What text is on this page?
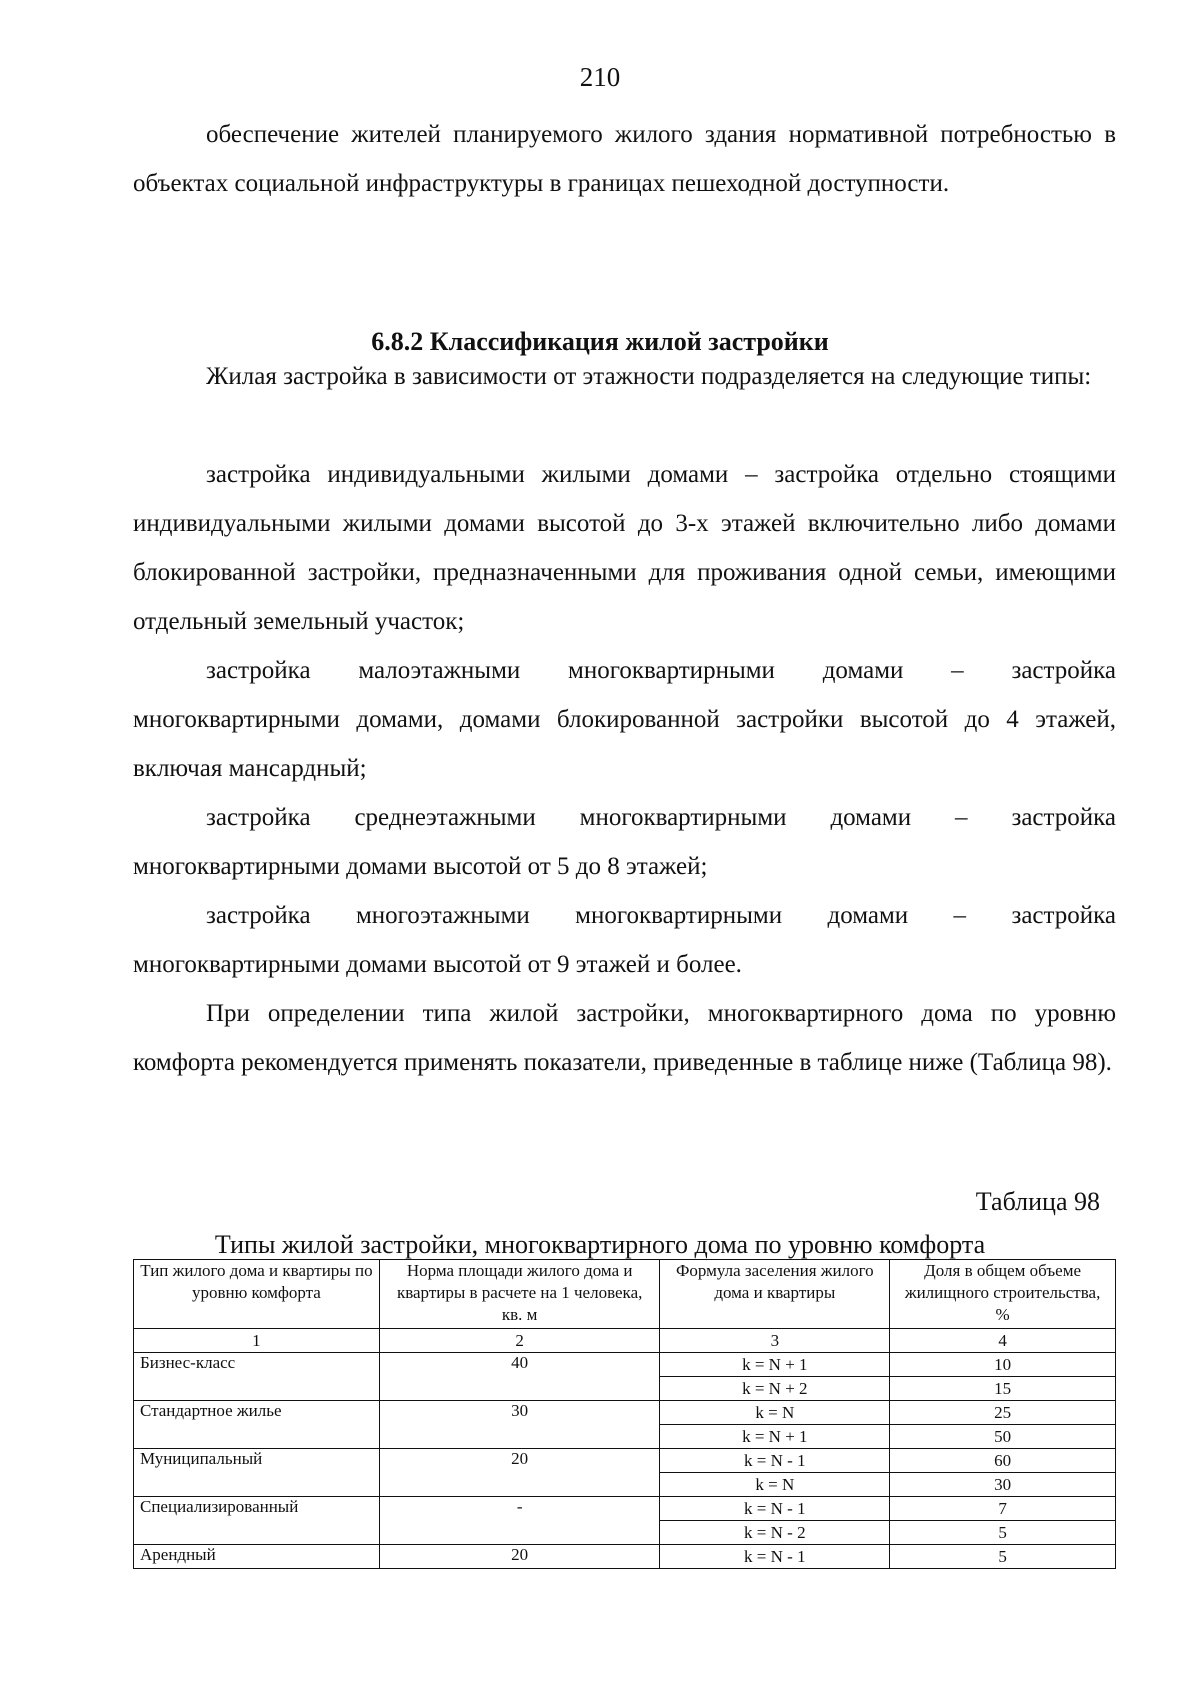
210

обеспечение жителей планируемого жилого здания нормативной потребностью в объектах социальной инфраструктуры в границах пешеходной доступности.

6.8.2 Классификация жилой застройки

Жилая застройка в зависимости от этажности подразделяется на следующие типы:

застройка индивидуальными жилыми домами – застройка отдельно стоящими индивидуальными жилыми домами высотой до 3-х этажей включительно либо домами блокированной застройки, предназначенными для проживания одной семьи, имеющими отдельный земельный участок;

застройка малоэтажными многоквартирными домами – застройка многоквартирными домами, домами блокированной застройки высотой до 4 этажей, включая мансардный;

застройка среднеэтажными многоквартирными домами – застройка многоквартирными домами высотой от 5 до 8 этажей;

застройка многоэтажными многоквартирными домами – застройка многоквартирными домами высотой от 9 этажей и более.

При определении типа жилой застройки, многоквартирного дома по уровню комфорта рекомендуется применять показатели, приведенные в таблице ниже (Таблица 98).

Таблица 98
Типы жилой застройки, многоквартирного дома по уровню комфорта
Тип жилого дома и квартиры по уровню комфорта	Норма площади жилого дома и квартиры в расчете на 1 человека, кв. м	Формула заселения жилого дома и квартиры	Доля в общем объеме жилищного строительства, %
1	2	3	4
Бизнес-класс	40	k = N + 1	10
		k = N + 2	15
Стандартное жилье	30	k = N	25
		k = N + 1	50
Муниципальный	20	k = N - 1	60
		k = N	30
Специализированный	-	k = N - 1	7
		k = N - 2	5
Арендный	20	k = N - 1	5
